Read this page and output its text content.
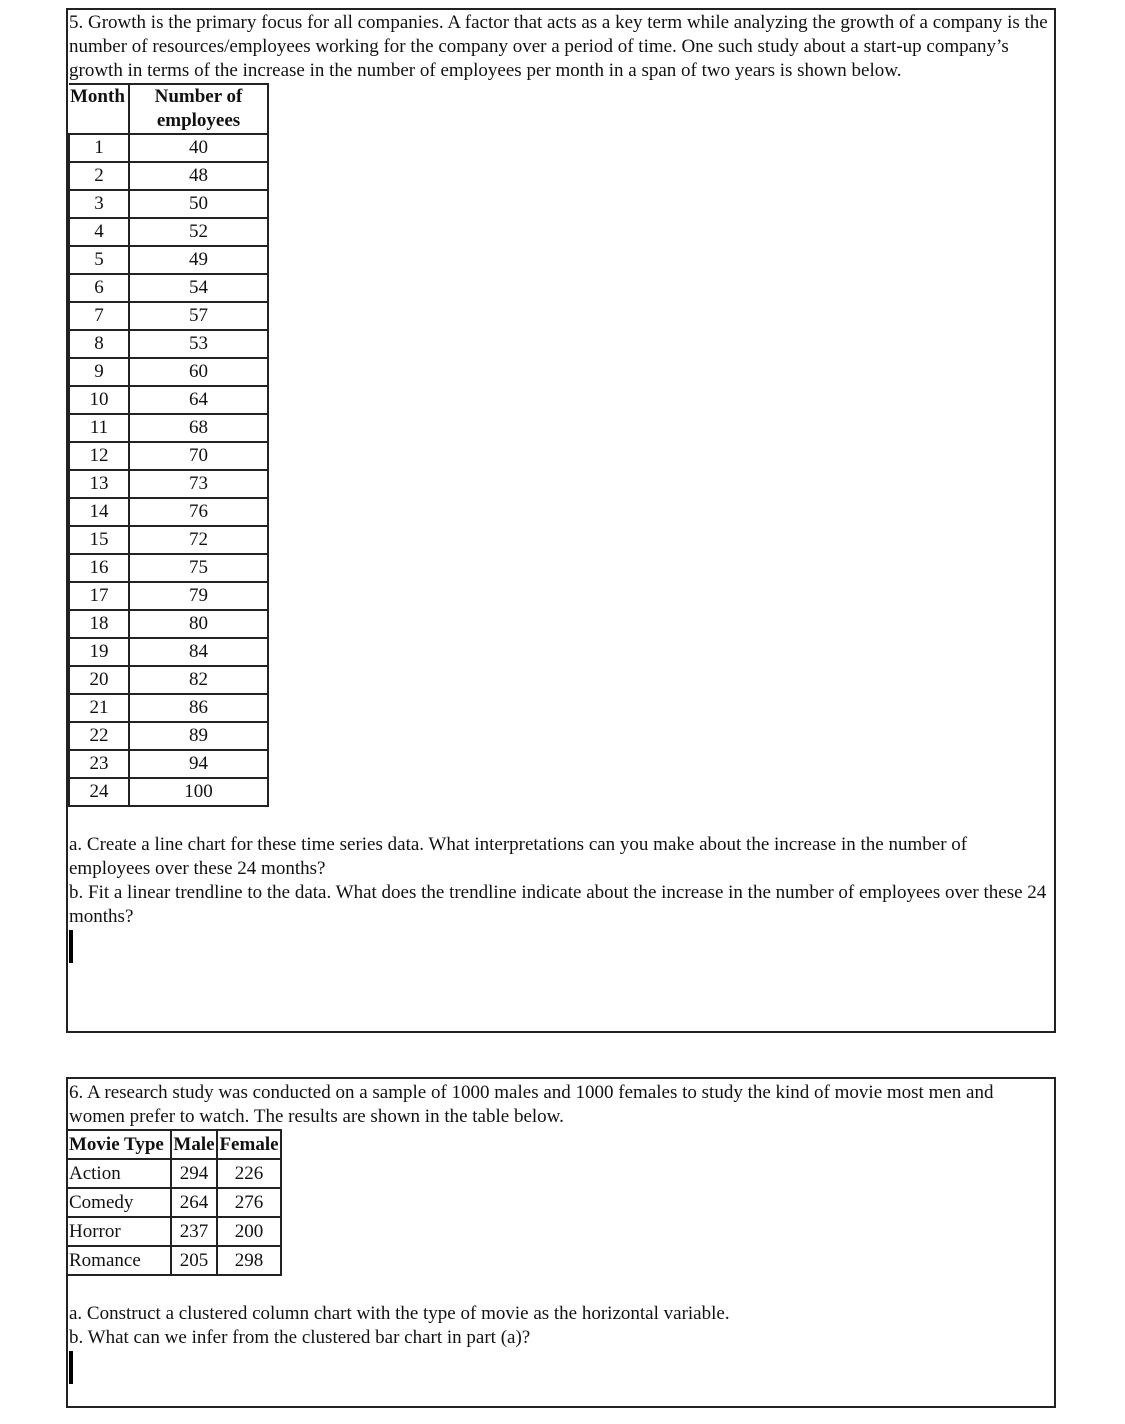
5. Growth is the primary focus for all companies. A factor that acts as a key term while analyzing the growth of a company is the number of resources/employees working for the company over a period of time. One such study about a start-up company’s growth in terms of the increase in the number of employees per month in a span of two years is shown below.

Month	Number of employees
1	40
2	48
3	50
4	52
5	49
6	54
7	57
8	53
9	60
10	64
11	68
12	70
13	73
14	76
15	72
16	75
17	79
18	80
19	84
20	82
21	86
22	89
23	94
24	100

a. Create a line chart for these time series data. What interpretations can you make about the increase in the number of employees over these 24 months?

b. Fit a linear trendline to the data. What does the trendline indicate about the increase in the number of employees over these 24 months?

6. A research study was conducted on a sample of 1000 males and 1000 females to study the kind of movie most men and women prefer to watch. The results are shown in the table below.

Movie Type	Male	Female
Action	294	226
Comedy	264	276
Horror	237	200
Romance	205	298

a. Construct a clustered column chart with the type of movie as the horizontal variable.

b. What can we infer from the clustered bar chart in part (a)?
